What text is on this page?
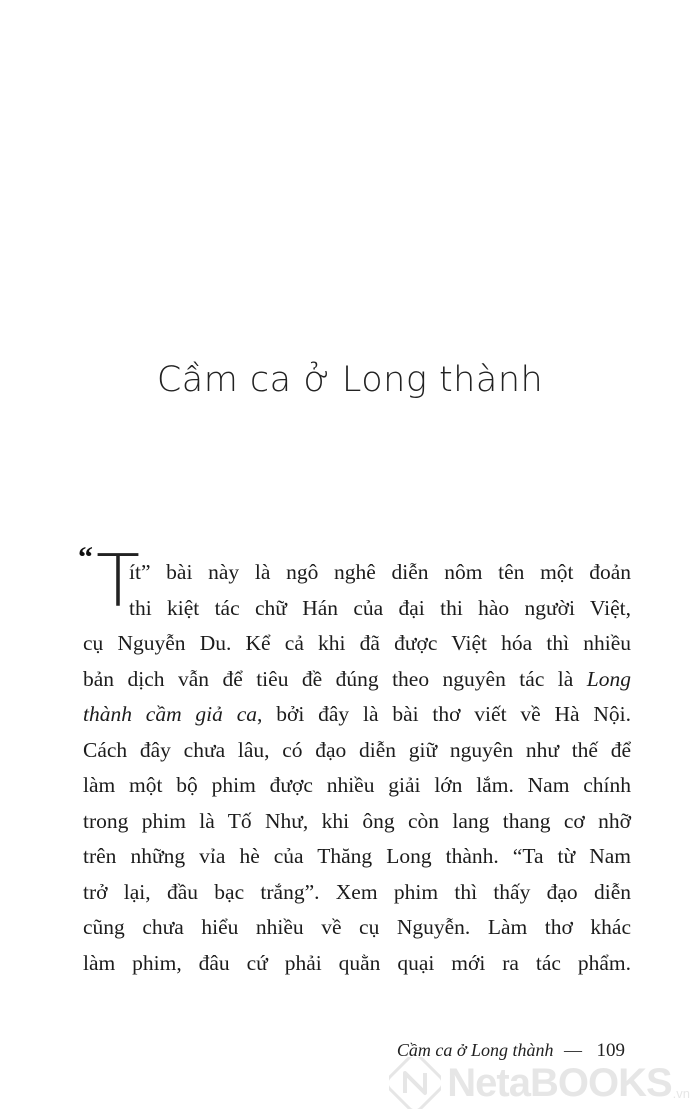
Cầm ca ở Long thành
“ T
ít” bài này là ngô nghê diễn nôm tên một đoản
thi kiệt tác chữ Hán của đại thi hào người Việt,
cụ Nguyễn Du. Kể cả khi đã được Việt hóa thì nhiều
bản dịch vẫn để tiêu đề đúng theo nguyên tác là Long
thành cầm giả ca, bởi đây là bài thơ viết về Hà Nội.
Cách đây chưa lâu, có đạo diễn giữ nguyên như thế để
làm một bộ phim được nhiều giải lớn lắm. Nam chính
trong phim là Tố Như, khi ông còn lang thang cơ nhỡ
trên những vỉa hè của Thăng Long thành. “Ta từ Nam
trở lại, đầu bạc trắng”. Xem phim thì thấy đạo diễn
cũng chưa hiểu nhiều về cụ Nguyễn. Làm thơ khác
làm phim, đâu cứ phải quằn quại mới ra tác phẩm.
Cầm ca ở Long thành — 109
NetaBOOKS .vn
